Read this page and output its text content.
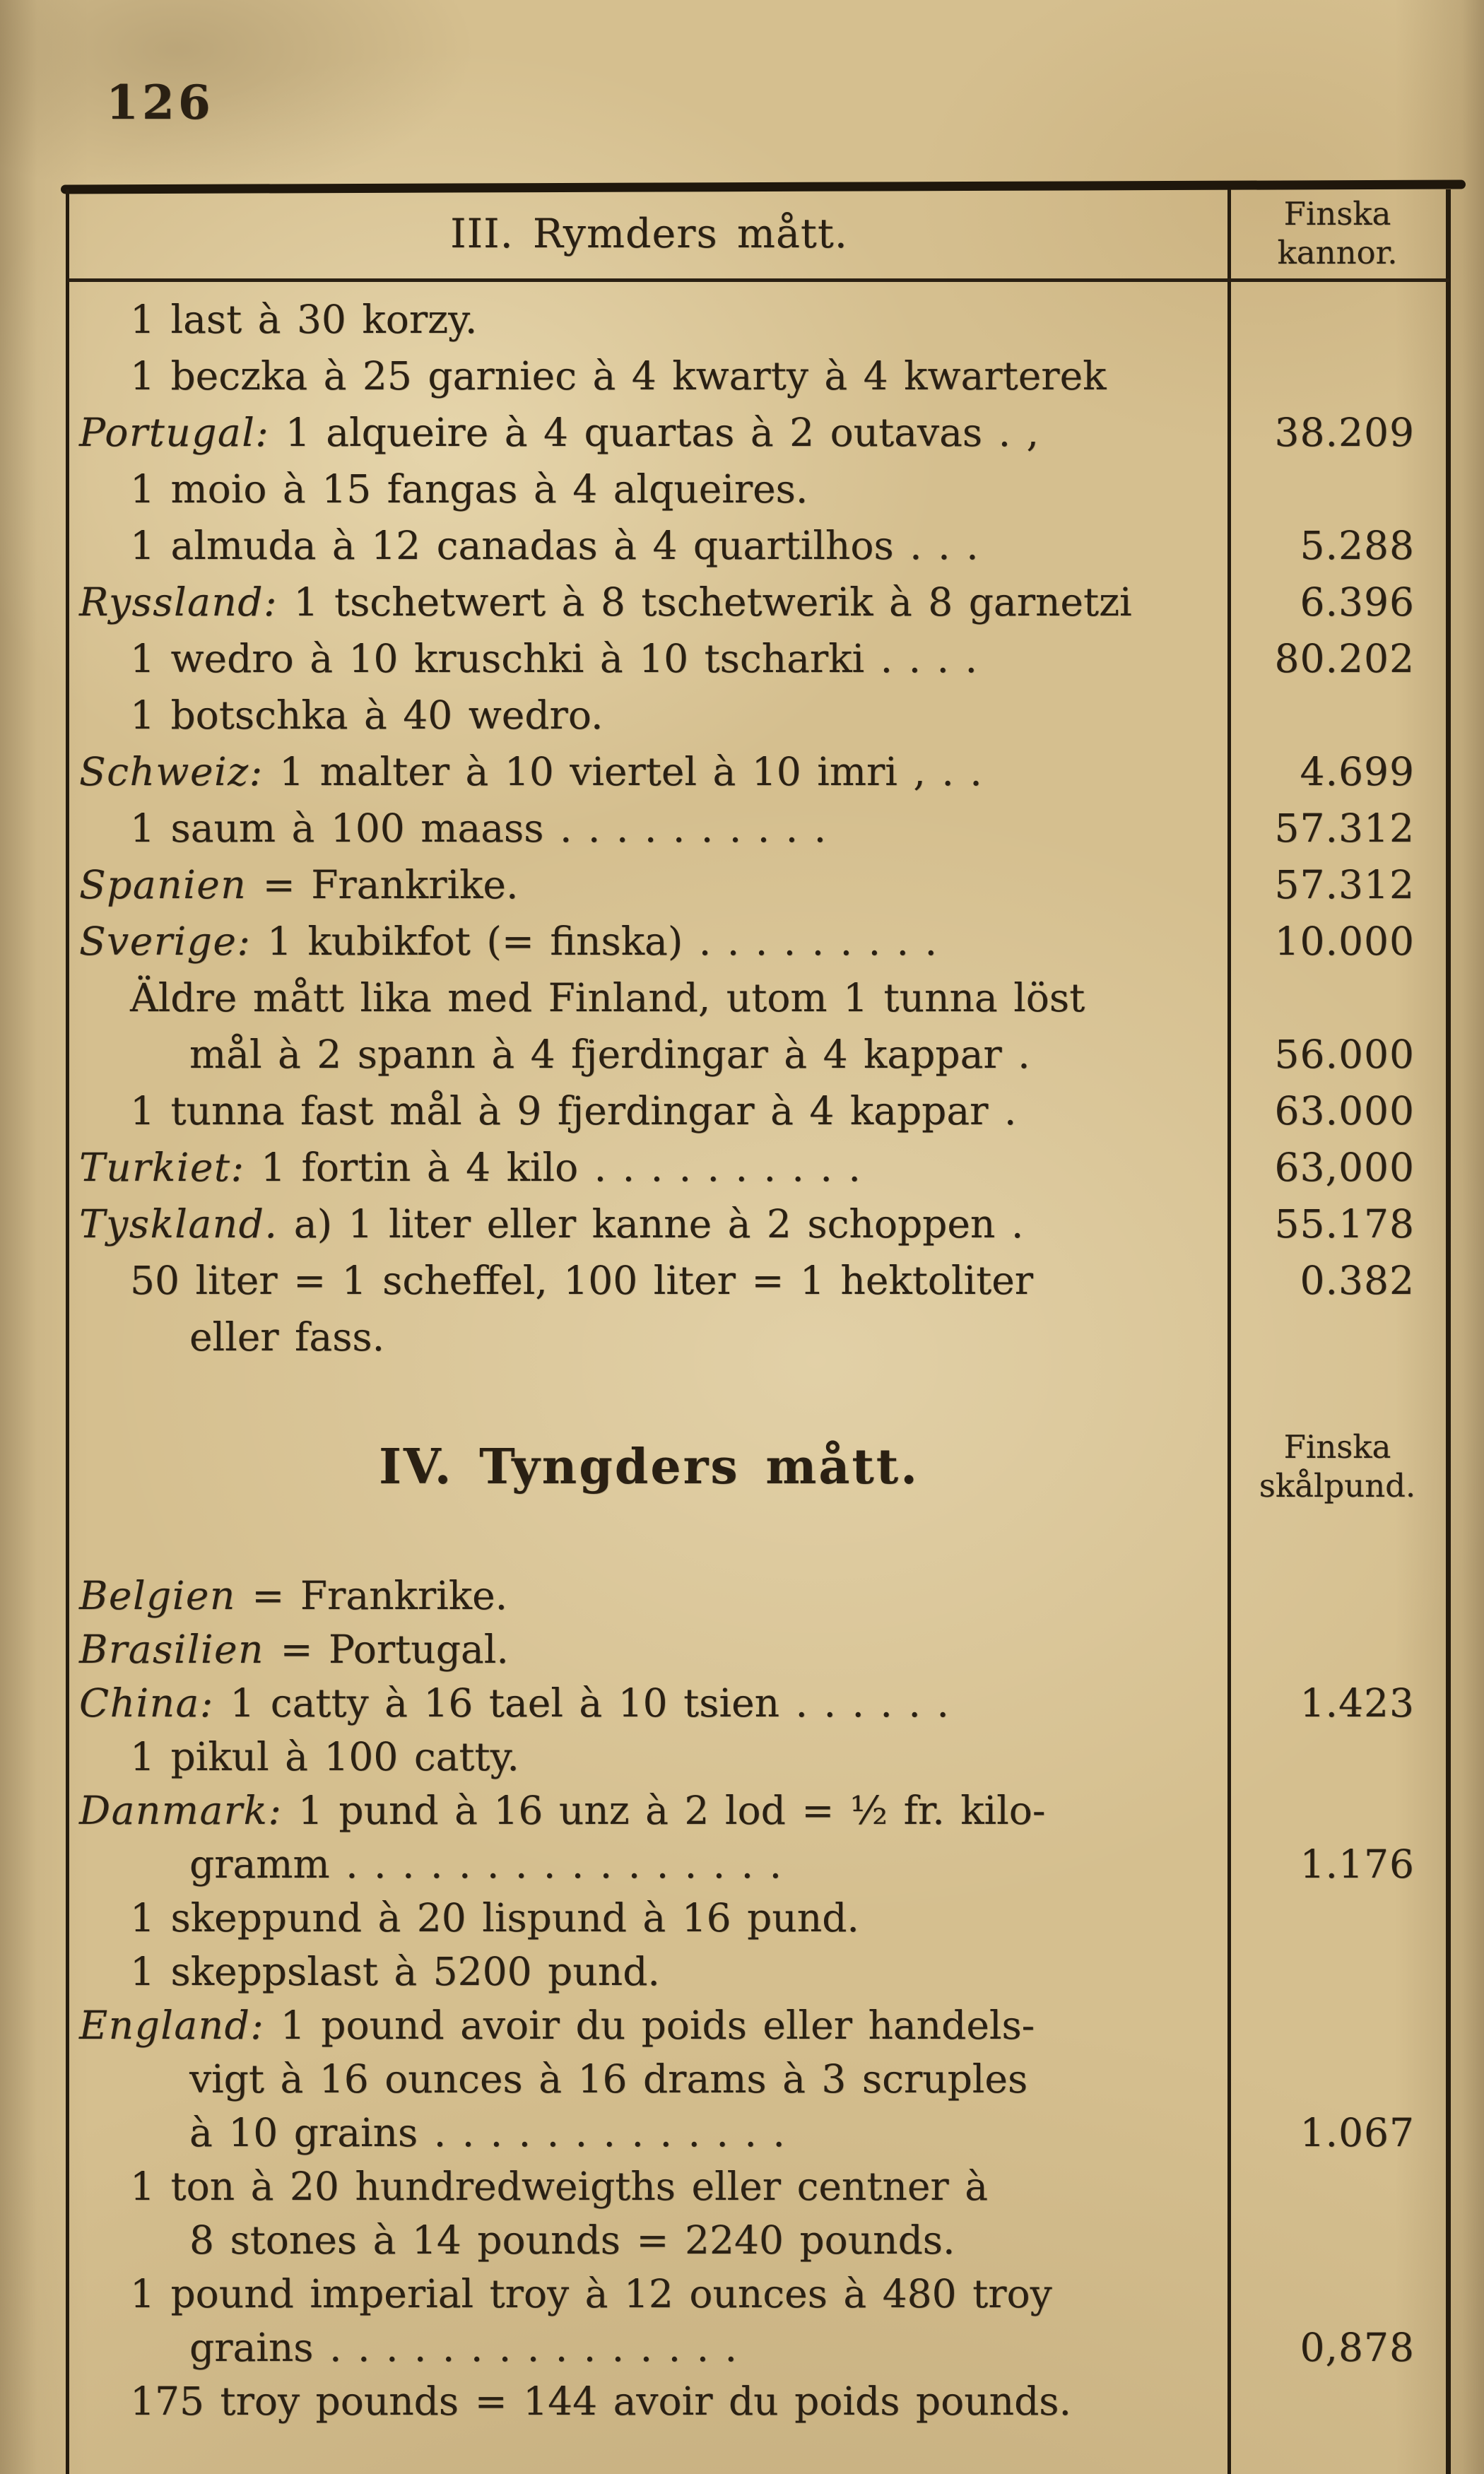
126
III. Rymders mått.	Finska
kannor.
1 last à 30 korzy.
1 beczka à 25 garniec à 4 kwarty à 4 kwarterek
Portugal: 1 alqueire à 4 quartas à 2 outavas . ,	38.209
1 moio à 15 fangas à 4 alqueires.
1 almuda à 12 canadas à 4 quartilhos . . .	5.288
Ryssland: 1 tschetwert à 8 tschetwerik à 8 garnetzi	6.396
1 wedro à 10 kruschki à 10 tscharki . . . .	80.202
1 botschka à 40 wedro.
Schweiz: 1 malter à 10 viertel à 10 imri , . .	4.699
1 saum à 100 maass . . . . . . . . . .	57.312
Spanien = Frankrike.	57.312
Sverige: 1 kubikfot (= finska) . . . . . . . . .	10.000
Äldre mått lika med Finland, utom 1 tunna löst
mål à 2 spann à 4 fjerdingar à 4 kappar .	56.000
1 tunna fast mål à 9 fjerdingar à 4 kappar .	63.000
Turkiet: 1 fortin à 4 kilo . . . . . . . . . .	63,000
Tyskland. a) 1 liter eller kanne à 2 schoppen .	55.178
50 liter = 1 scheffel, 100 liter = 1 hektoliter	0.382
eller fass.
IV. Tyngders mått.	Finska
skålpund.
Belgien = Frankrike.
Brasilien = Portugal.
China: 1 catty à 16 tael à 10 tsien . . . . . .	1.423
1 pikul à 100 catty.
Danmark: 1 pund à 16 unz à 2 lod = ½ fr. kilo-
gramm . . . . . . . . . . . . . . . .	1.176
1 skeppund à 20 lispund à 16 pund.
1 skeppslast à 5200 pund.
England: 1 pound avoir du poids eller handels-
vigt à 16 ounces à 16 drams à 3 scruples
à 10 grains . . . . . . . . . . . . .	1.067
1 ton à 20 hundredweigths eller centner à
8 stones à 14 pounds = 2240 pounds.
1 pound imperial troy à 12 ounces à 480 troy
grains . . . . . . . . . . . . . . .	0,878
175 troy pounds = 144 avoir du poids pounds.
